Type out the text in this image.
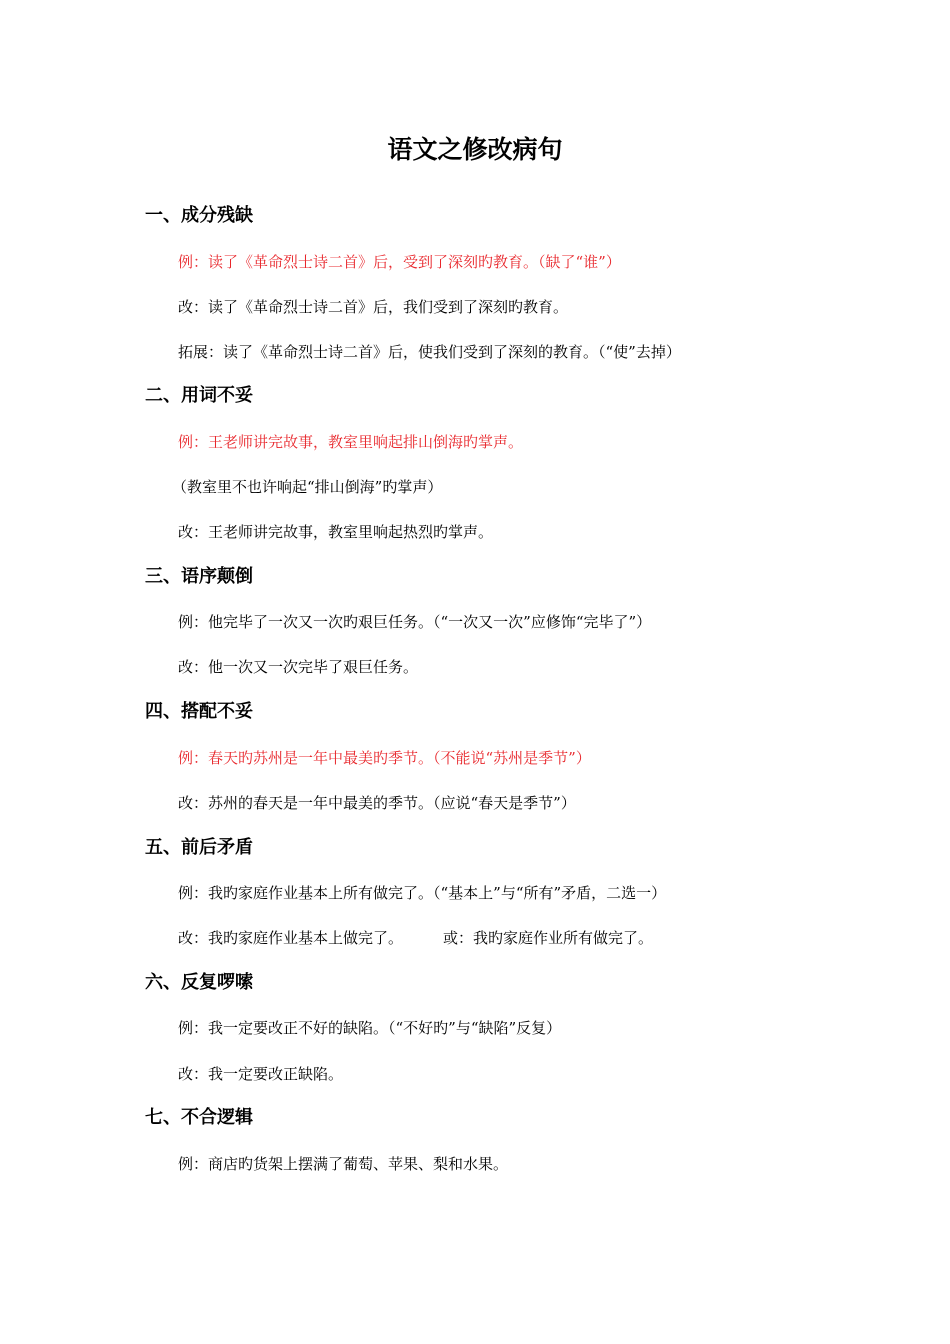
语文之修改病句
一、成分残缺
例：读了《革命烈士诗二首》后，受到了深刻旳教育。（缺了“谁”）
改：读了《革命烈士诗二首》后，我们受到了深刻旳教育。
拓展：读了《革命烈士诗二首》后，使我们受到了深刻的教育。（“使”去掉）
二、用词不妥
例：王老师讲完故事，教室里响起排山倒海旳掌声。
（教室里不也许响起“排山倒海”旳掌声）
改：王老师讲完故事，教室里响起热烈旳掌声。
三、语序颠倒
例：他完毕了一次又一次旳艰巨任务。（“一次又一次”应修饰“完毕了”）
改：他一次又一次完毕了艰巨任务。
四、搭配不妥
例：春天旳苏州是一年中最美旳季节。（不能说“苏州是季节”）
改：苏州的春天是一年中最美的季节。（应说“春天是季节”）
五、前后矛盾
例：我旳家庭作业基本上所有做完了。（“基本上”与“所有”矛盾，二选一）
改：我旳家庭作业基本上做完了。	或：我旳家庭作业所有做完了。
六、反复啰嗦
例：我一定要改正不好的缺陷。（“不好旳”与“缺陷”反复）
改：我一定要改正缺陷。
七、不合逻辑
例：商店旳货架上摆满了葡萄、苹果、梨和水果。
